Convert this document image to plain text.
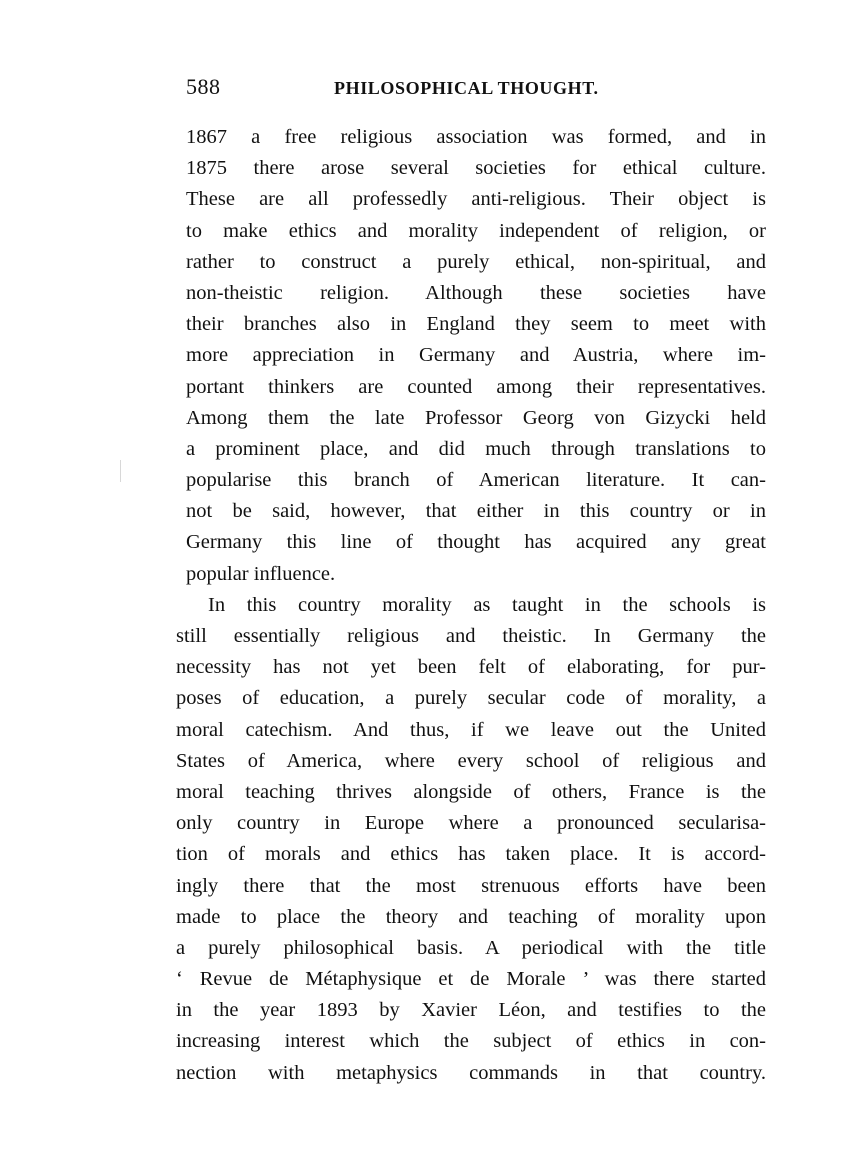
588	PHILOSOPHICAL THOUGHT.
1867 a free religious association was formed, and in
1875 there arose several societies for ethical culture.
These are all professedly anti-religious. Their object is
to make ethics and morality independent of religion, or
rather to construct a purely ethical, non-spiritual, and
non-theistic religion. Although these societies have
their branches also in England they seem to meet with
more appreciation in Germany and Austria, where im-
portant thinkers are counted among their representatives.
Among them the late Professor Georg von Gizycki held
a prominent place, and did much through translations to
popularise this branch of American literature. It can-
not be said, however, that either in this country or in
Germany this line of thought has acquired any great
popular influence.
In this country morality as taught in the schools is
still essentially religious and theistic. In Germany the
necessity has not yet been felt of elaborating, for pur-
poses of education, a purely secular code of morality, a
moral catechism. And thus, if we leave out the United
States of America, where every school of religious and
moral teaching thrives alongside of others, France is the
only country in Europe where a pronounced secularisa-
tion of morals and ethics has taken place. It is accord-
ingly there that the most strenuous efforts have been
made to place the theory and teaching of morality upon
a purely philosophical basis. A periodical with the title
‘ Revue de Métaphysique et de Morale ’ was there started
in the year 1893 by Xavier Léon, and testifies to the
increasing interest which the subject of ethics in con-
nection with metaphysics commands in that country.
